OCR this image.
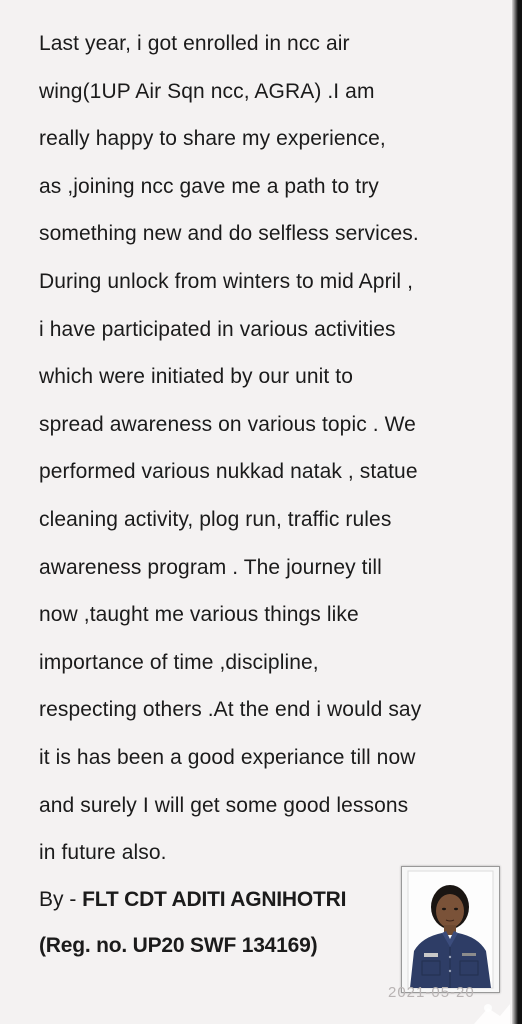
Last year, i got enrolled in ncc air
wing(1UP Air Sqn ncc, AGRA) .I am
really happy to share my experience,
as ,joining ncc gave me a path to try
something new and do selfless services.
During unlock from winters to mid April ,
i have participated in various activities
which were initiated by our unit to
spread awareness on various topic . We
performed various nukkad natak , statue
cleaning activity, plog run, traffic rules
awareness program . The journey till
now ,taught me various things like
importance of time ,discipline,
respecting others .At the end i would say
it is has been a good experiance till now
and surely I will get some good lessons
in future also.
By - FLT CDT ADITI AGNIHOTRI
(Reg. no. UP20 SWF 134169)
2021-05-20
